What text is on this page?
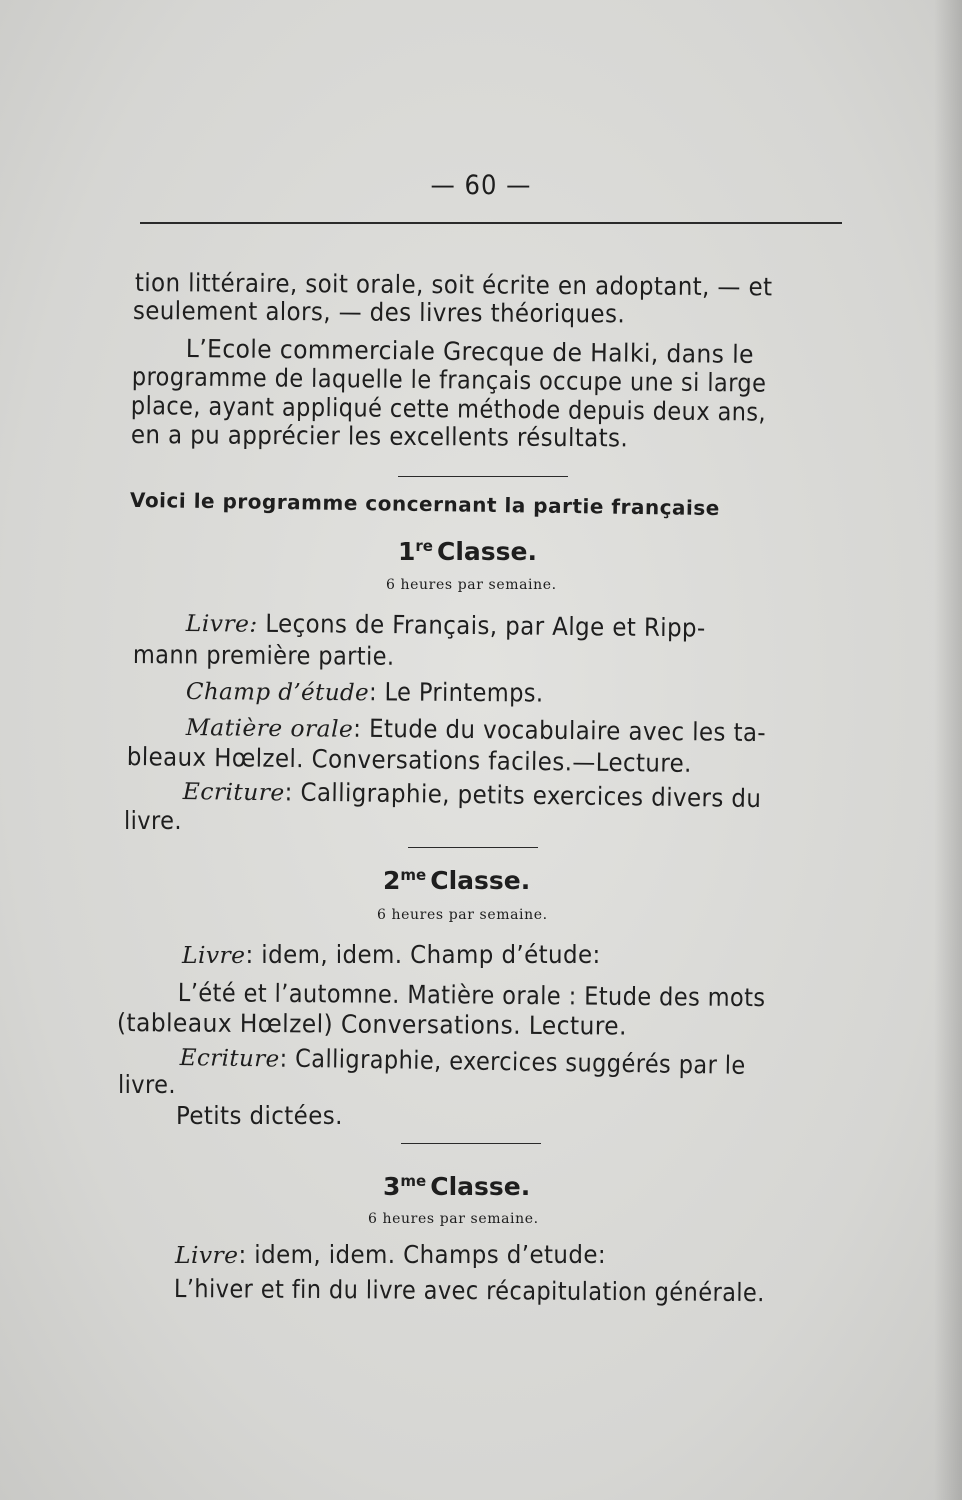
— 60 —
tion littéraire, soit orale, soit écrite en adoptant, — et
seulement alors, — des livres théoriques.
L’Ecole commerciale Grecque de Halki, dans le
programme de laquelle le français occupe une si large
place, ayant appliqué cette méthode depuis deux ans,
en a pu apprécier les excellents résultats.
Voici le programme concernant la partie française
1re Classe.
6 heures par semaine.
Livre: Leçons de Français, par Alge et Ripp-
mann première partie.
Champ d’étude: Le Printemps.
Matière orale: Etude du vocabulaire avec les ta-
bleaux Hœlzel. Conversations faciles.—Lecture.
Ecriture: Calligraphie, petits exercices divers du
livre.
$2^{me}$ Classe.
6 heures par semaine.
Livre: idem, idem. Champ d’étude:
L’été et l’automne. Matière orale : Etude des mots
(tableaux Hœlzel) Conversations. Lecture.
Ecriture: Calligraphie, exercices suggérés par le
livre.
Petits dictées.
$3^{me}$ Classe.
6 heures par semaine.
Livre: idem, idem. Champs d’etude:
L’hiver et fin du livre avec récapitulation générale.
